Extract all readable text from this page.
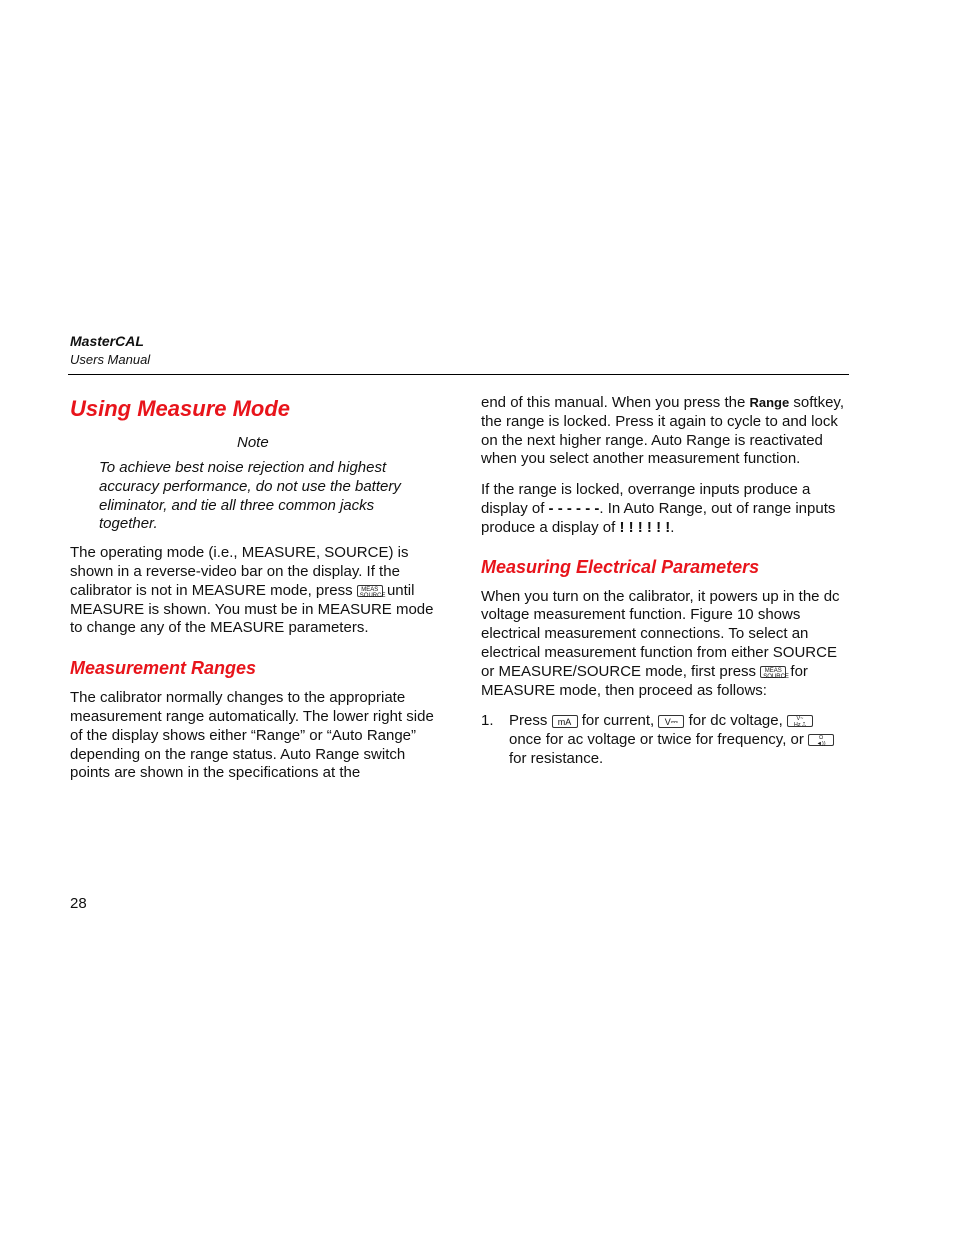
MasterCAL
Users Manual
Using Measure Mode
Note
To achieve best noise rejection and highest accuracy performance, do not use the battery eliminator, and tie all three common jacks together.

The operating mode (i.e., MEASURE, SOURCE) is shown in a reverse-video bar on the display. If the calibrator is not in MEASURE mode, press MEAS
SOURCE until MEASURE is shown. You must be in MEASURE mode to change any of the MEASURE parameters.

Measurement Ranges

The calibrator normally changes to the appropriate measurement range automatically. The lower right side of the display shows either “Range” or “Auto Range” depending on the range status. Auto Range switch points are shown in the specifications at the

end of this manual. When you press the Range softkey, the range is locked. Press it again to cycle to and lock on the next higher range. Auto Range is reactivated when you select another measurement function.

If the range is locked, overrange inputs produce a display of - - - - - -. In Auto Range, out of range inputs produce a display of ! ! ! ! ! !.

Measuring Electrical Parameters

When you turn on the calibrator, it powers up in the dc voltage measurement function. Figure 10 shows electrical measurement connections. To select an electrical measurement function from either SOURCE or MEASURE/SOURCE mode, first press MEAS
SOURCE for MEASURE mode, then proceed as follows:

1. Press mA for current, V⎓ for dc voltage, V~
Hz ⎍ once for ac voltage or twice for frequency, or	Ω
◄)) for resistance.
28
